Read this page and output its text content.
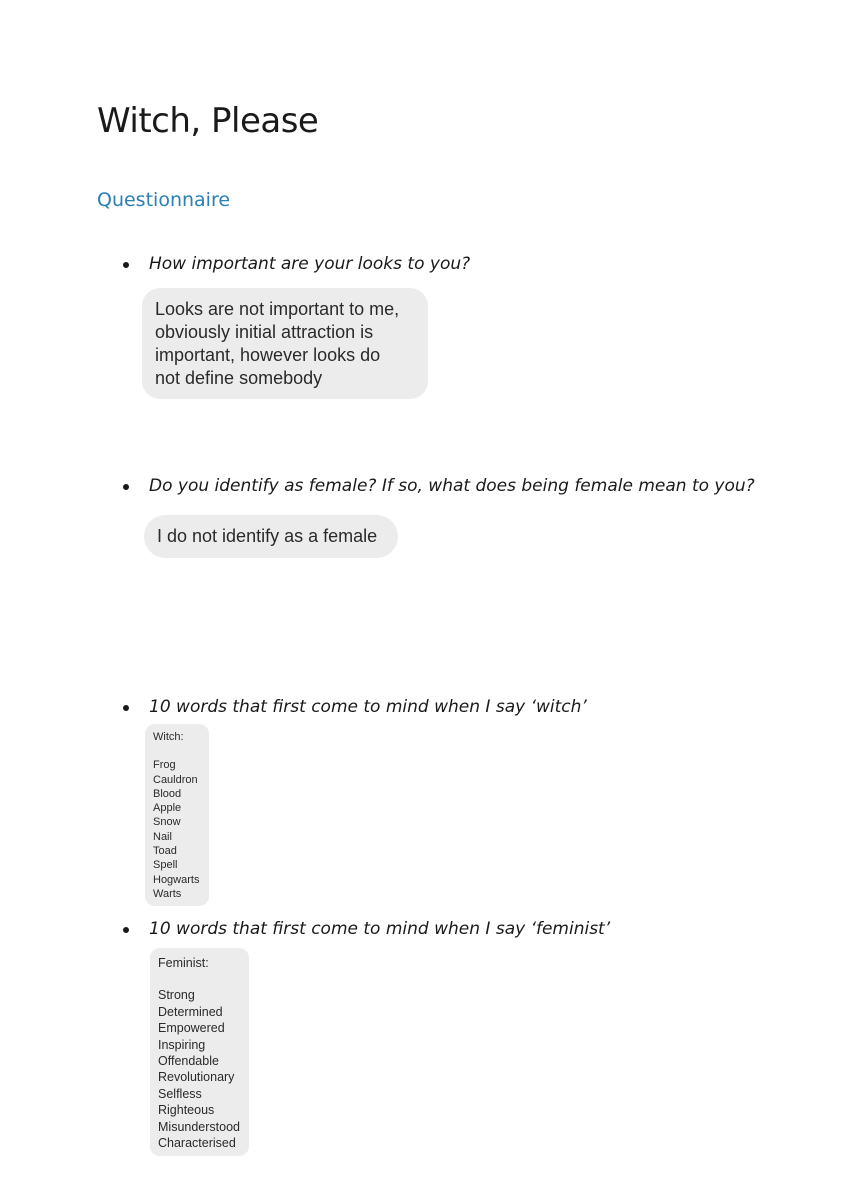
Witch, Please
Questionnaire
How important are your looks to you?
Looks are not important to me,
obviously initial attraction is
important, however looks do
not define somebody
Do you identify as female? If so, what does being female mean to you?
I do not identify as a female
10 words that first come to mind when I say ‘witch’
Witch:
Frog
Cauldron
Blood
Apple
Snow
Nail
Toad
Spell
Hogwarts
Warts
10 words that first come to mind when I say ‘feminist’
Feminist:
Strong
Determined
Empowered
Inspiring
Offendable
Revolutionary
Selfless
Righteous
Misunderstood
Characterised
